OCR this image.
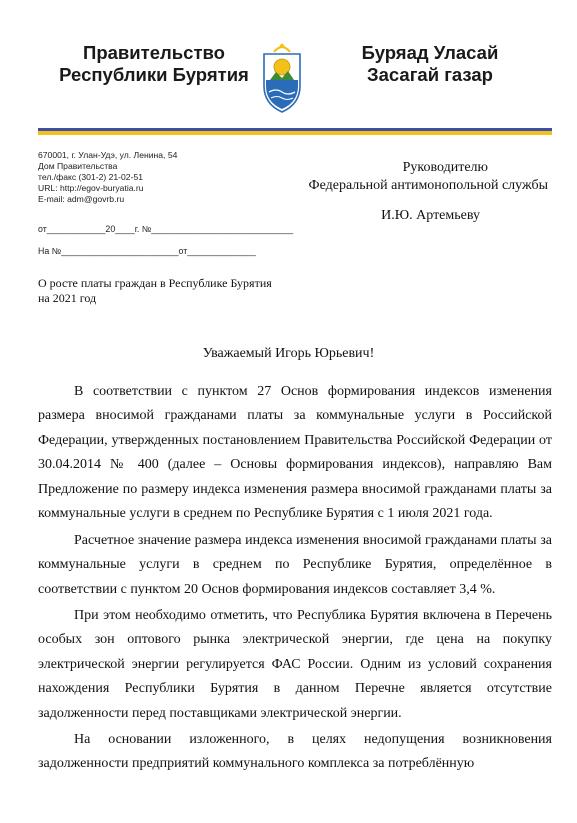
Правительство
Республики Бурятия
Буряад Уласай
Засагай газар
670001, г. Улан-Удэ, ул. Ленина, 54
Дом Правительства
тел./факс (301-2) 21-02-51
URL: http://egov-buryatia.ru
E-mail: adm@govrb.ru
Руководителю
Федеральной антимонопольной службы
И.Ю. Артемьеву
от____________20____г. №_____________________________
На №________________________от______________
О росте платы граждан в Республике Бурятия
на 2021 год
Уважаемый Игорь Юрьевич!
В соответствии с пунктом 27 Основ формирования индексов изменения размера вносимой гражданами платы за коммунальные услуги в Российской Федерации, утвержденных постановлением Правительства Российской Федерации от 30.04.2014 № 400 (далее – Основы формирования индексов), направляю Вам Предложение по размеру индекса изменения размера вносимой гражданами платы за коммунальные услуги в среднем по Республике Бурятия с 1 июля 2021 года.
Расчетное значение размера индекса изменения вносимой гражданами платы за коммунальные услуги в среднем по Республике Бурятия, определённое в соответствии с пунктом 20 Основ формирования индексов составляет 3,4 %.
При этом необходимо отметить, что Республика Бурятия включена в Перечень особых зон оптового рынка электрической энергии, где цена на покупку электрической энергии регулируется ФАС России. Одним из условий сохранения нахождения Республики Бурятия в данном Перечне является отсутствие задолженности перед поставщиками электрической энергии.
На основании изложенного, в целях недопущения возникновения задолженности предприятий коммунального комплекса за потреблённую
